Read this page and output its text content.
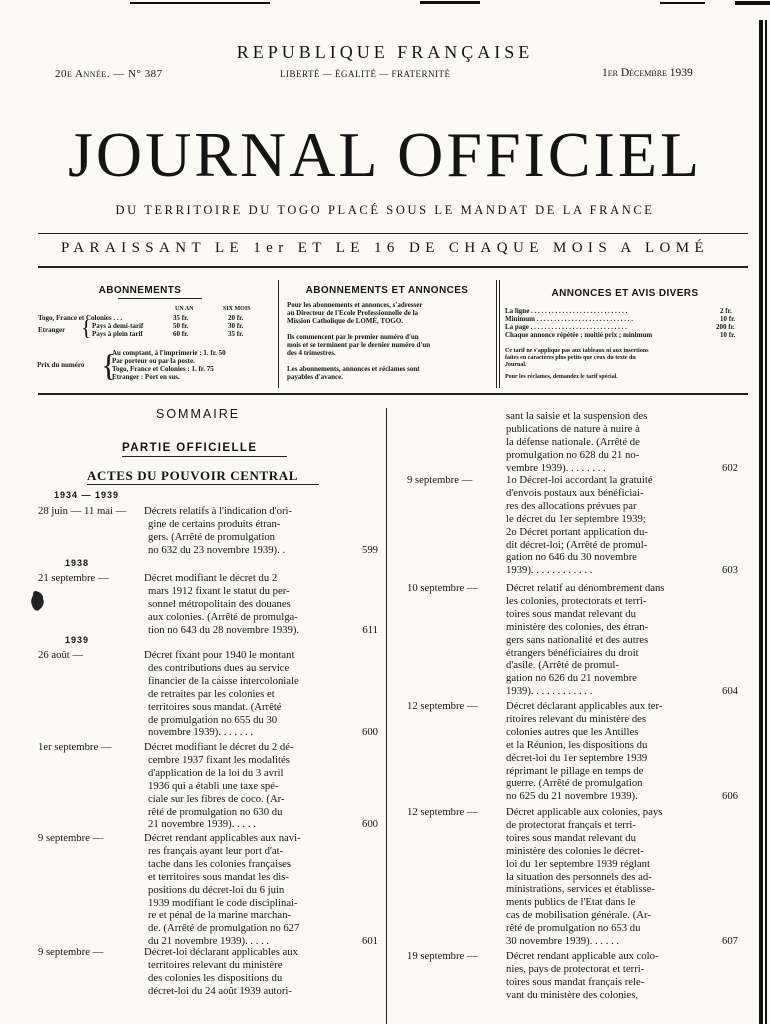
REPUBLIQUE FRANÇAISE
20e Année. — N° 387	LIBERTÉ — ÉGALITÉ — FRATERNITÉ	1er Décembre 1939
JOURNAL OFFICIEL
DU TERRITOIRE DU TOGO PLACÉ SOUS LE MANDAT DE LA FRANCE
PARAISSANT LE 1er ET LE 16 DE CHAQUE MOIS A LOMÉ
ABONNEMENTS
UN AN	SIX MOIS
Togo, France et Colonies . . .	35 fr.	20 fr.
Etranger { Pays à demi-tarif	50 fr.	30 fr.
Pays à plein tarif	60 fr.	35 fr.
Prix du numéro {
Au comptant, à l'imprimerie : 1. fr. 50
Par porteur ou par la poste.
Togo, France et Colonies : 1. fr. 75
Etranger : Port en sus.
ABONNEMENTS ET ANNONCES
Pour les abonnements et annonces, s'adresser
au Directeur de l'Ecole Professionnelle de la
Mission Catholique de LOMÉ, TOGO.
Ils commencent par le premier numéro d'un
mois et se terminent par le dernier numéro d'un
des 4 trimestres.
Les abonnements, annonces et réclames sont
payables d'avance.
ANNONCES ET AVIS DIVERS
La ligne . . . . . . . . . . . . . . . . . . . . . . . . . . . .	2 fr.
Minimum . . . . . . . . . . . . . . . . . . . . . . . . . . . .	10 fr.
La page . . . . . . . . . . . . . . . . . . . . . . . . . . . .	200 fr.
Chaque annonce répétée : moitié prix ; minimum	10 fr.
Ce tarif ne s'applique pas aux tableaux ni aux insertions
faites en caractères plus petits que ceux du texte du
Journal.
Pour les réclames, demandez le tarif spécial.
SOMMAIRE
PARTIE OFFICIELLE
ACTES DU POUVOIR CENTRAL
1934 — 1939
1938
1939
28 juin — 11 mai — Décrets relatifs à l'indication d'ori-
gine de certains produits étran-
gers. (Arrêté de promulgation
no 632 du 23 novembre 1939). .	599
21 septembre —	Décret modifiant le décret du 2
mars 1912 fixant le statut du per-
sonnel métropolitain des douanes
aux colonies. (Arrêté de promulga-
tion no 643 du 28 novembre 1939).	611
26 août —	Décret fixant pour 1940 le montant
des contributions dues au service
financier de la caisse intercoloniale
de retraites par les colonies et
territoires sous mandat. (Arrêté
de promulgation no 655 du 30
novembre 1939). . . . . . .	600
1er septembre —	Décret modifiant le décret du 2 dé-
cembre 1937 fixant les modalités
d'application de la loi du 3 avril
1936 qui a établi une taxe spé-
ciale sur les fibres de coco. (Ar-
rêté de promulgation no 630 du
21 novembre 1939). . . . .	600
9 septembre —	Décret rendant applicables aux navi-
res français ayant leur port d'at-
tache dans les colonies françaises
et territoires sous mandat les dis-
positions du décret-loi du 6 juin
1939 modifiant le code disciplinai-
re et pénal de la marine marchan-
de. (Arrêté de promulgation no 627
du 21 novembre 1939). . . . .	601
9 septembre —	Décret-loi déclarant applicables aux
territoires relevant du ministère
des colonies les dispositions du
décret-loi du 24 août 1939 autori-
sant la saisie et la suspension des
publications de nature à nuire à
la défense nationale. (Arrêté de
promulgation no 628 du 21 no-
vembre 1939). . . . . . . .	602
9 septembre —	1o Décret-loi accordant la gratuité
d'envois postaux aux bénéficiai-
res des allocations prévues par
le décret du 1er septembre 1939;
2o Décret portant application du-
dit décret-loi; (Arrêté de promul-
gation no 646 du 30 novembre
1939). . . . . . . . . . . .	603
10 septembre —	Décret relatif au dénombrement dans
les colonies, protectorats et terri-
toires sous mandat relevant du
ministère des colonies, des étran-
gers sans nationalité et des autres
étrangers bénéficiaires du droit
d'asile. (Arrêté de promul-
gation no 626 du 21 novembre
1939). . . . . . . . . . . .	604
12 septembre —	Décret déclarant applicables aux ter-
ritoires relevant du ministère des
colonies autres que les Antilles
et la Réunion, les dispositions du
décret-loi du 1er septembre 1939
réprimant le pillage en temps de
guerre. (Arrêté de promulgation
no 625 du 21 novembre 1939).	606
12 septembre —	Décret applicable aux colonies, pays
de protectorat français et terri-
toires sous mandat relevant du
ministère des colonies le décret-
loi du 1er septembre 1939 réglant
la situation des personnels des ad-
ministrations, services et établisse-
ments publics de l'Etat dans le
cas de mobilisation générale. (Ar-
rêté de promulgation no 653 du
30 novembre 1939). . . . . .	607
19 septembre —	Décret rendant applicable aux colo-
nies, pays de protectorat et terri-
toires sous mandat français rele-
vant du ministère des colonies,
